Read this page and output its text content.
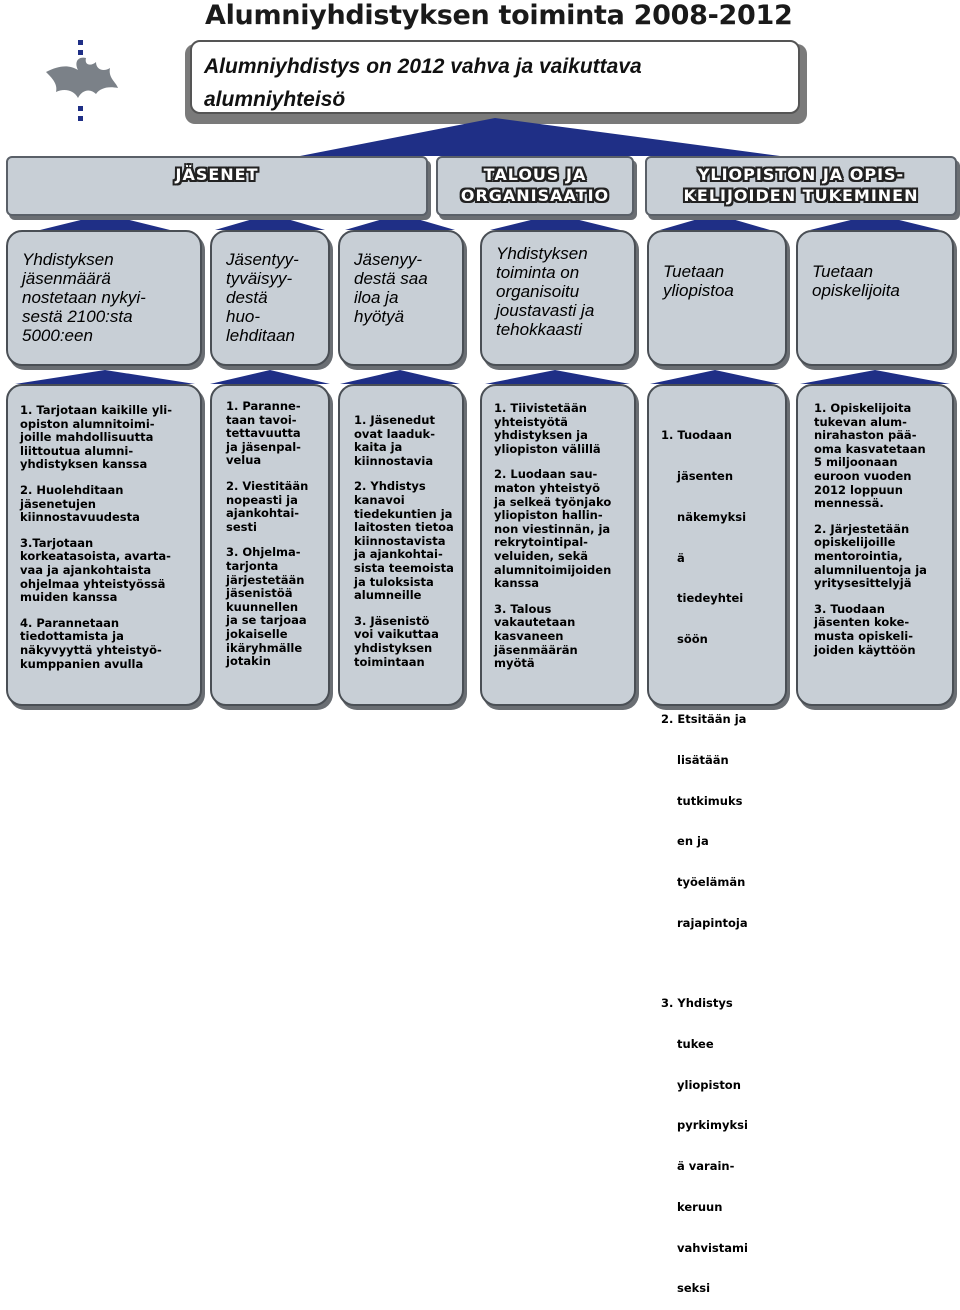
Alumniyhdistyksen toiminta 2008-2012
Alumniyhdistys on 2012 vahva ja vaikuttava
alumniyhteisö
JÄSENET	TALOUS JA
ORGANISAATIO
YLIOPISTON JA OPIS-
KELIJOIDEN TUKEMINEN
Yhdistyksen
jäsenmäärä
nostetaan nykyi-
sestä 2100:sta
5000:een
Jäsentyy-
tyväisyy-
destä
huo-
lehditaan
Jäsenyy-
destä saa
iloa ja
hyötyä
Yhdistyksen
toiminta on
organisoitu
joustavasti ja
tehokkaasti
Tuetaan
yliopistoa
Tuetaan
opiskelijoita
1. Tarjotaan kaikille yli-
opiston alumnitoimi-
joille mahdollisuutta
liittoutua alumni-
yhdistyksen kanssa
2. Huolehditaan
jäsenetujen
kiinnostavuudesta
3.Tarjotaan
korkeatasoista, avarta-
vaa ja ajankohtaista
ohjelmaa yhteistyössä
muiden kanssa
4. Parannetaan
tiedottamista ja
näkyvyyttä yhteistyö-
kumppanien avulla
1. Paranne-
taan tavoi-
tettavuutta
ja jäsenpal-
velua
2. Viestitään
nopeasti ja
ajankohtai-
sesti
3. Ohjelma-
tarjonta
järjestetään
jäsenistöä
kuunnellen
ja se tarjoaa
jokaiselle
ikäryhmälle
jotakin
1. Jäsenedut
ovat laaduk-
kaita ja
kiinnostavia
2. Yhdistys
kanavoi
tiedekuntien ja
laitosten tietoa
kiinnostavista
ja ajankohtai-
sista teemoista
ja tuloksista
alumneille
3. Jäsenistö
voi vaikuttaa
yhdistyksen
toimintaan
1. Tiivistetään
yhteistyötä
yhdistyksen ja
yliopiston välillä
2. Luodaan sau-
maton yhteistyö
ja selkeä työnjako
yliopiston hallin-
non viestinnän, ja
rekrytointipal-
veluiden, sekä
alumnitoimijoiden
kanssa
3. Talous
vakautetaan
kasvaneen
jäsenmäärän
myötä

1. Tuodaan

jäsenten

näkemyksi

ä

tiedeyhtei

söön

2. Etsitään ja

lisätään

tutkimuks

en ja

työelämän

rajapintoja

3. Yhdistys

tukee

yliopiston

pyrkimyksi

ä varain-

keruun

vahvistami

seksi

1. Opiskelijoita
tukevan alum-
nirahaston pää-
oma kasvatetaan
5 miljoonaan
euroon vuoden
2012 loppuun
mennessä.
2. Järjestetään
opiskelijoille
mentorointia,
alumniluentoja ja
yritysesittelyjä
3. Tuodaan
jäsenten koke-
musta opiskeli-
joiden käyttöön
